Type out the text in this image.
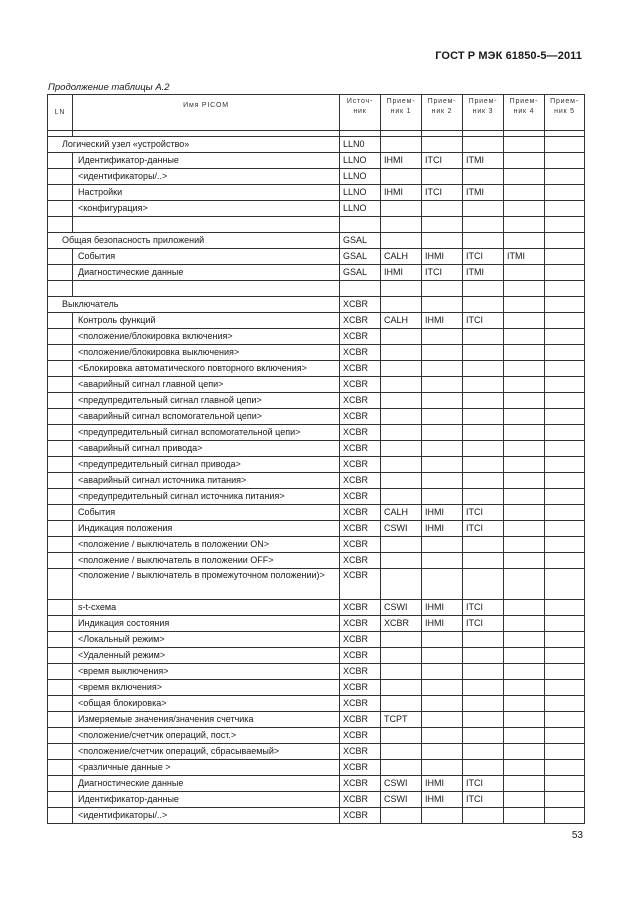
ГОСТ Р МЭК 61850-5—2011
Продолжение таблицы А.2
LN	Имя PICOM	Источ-ник	Прием-ник 1	Прием-ник 2	Прием-ник 3	Прием-ник 4	Прием-ник 5

Логический узел «устройство»		LLN0					
	Идентификатор-данные	LLNO	IHMI	ITCI	ITMI		
	<идентификаторы/..>	LLNO					
	Настройки	LLNO	IHMI	ITCI	ITMI		
	<конфигурация>	LLNO					

Общая безопасность приложений		GSAL					
	События	GSAL	CALH	IHMI	ITCI	ITMI	
	Диагностические данные	GSAL	IHMI	ITCI	ITMI		

Выключатель		XCBR					
	Контроль функций	XCBR	CALH	IHMI	ITCI		
	<положение/блокировка включения>	XCBR					
	<положение/блокировка выключения>	XCBR					
	<Блокировка автоматического повторного включения>	XCBR					
	<аварийный сигнал главной цепи>	XCBR					
	<предупредительный сигнал главной цепи>	XCBR					
	<аварийный сигнал вспомогательной цепи>	XCBR					
	<предупредительный сигнал вспомогательной цепи>	XCBR					
	<аварийный сигнал привода>	XCBR					
	<предупредительный сигнал привода>	XCBR					
	<аварийный сигнал источника питания>	XCBR					
	<предупредительный сигнал источника питания>	XCBR					
	События	XCBR	CALH	IHMI	ITCI		
	Индикация положения	XCBR	CSWI	IHMI	ITCI		
	<положение / выключатель в положении ON>	XCBR					
	<положение / выключатель в положении OFF>	XCBR					
	<положение / выключатель в промежуточном положении)>	XCBR					
	s-t-схема	XCBR	CSWI	IHMI	ITCI		
	Индикация состояния	XCBR	XCBR	IHMI	ITCI		
	<Локальный режим>	XCBR					
	<Удаленный режим>	XCBR					
	<время выключения>	XCBR					
	<время включения>	XCBR					
	<общая блокировка>	XCBR					
	Измеряемые значения/значения счетчика	XCBR	TCPT				
	<положение/счетчик операций, пост.>	XCBR					
	<положение/счетчик операций, сбрасываемый>	XCBR					
	<различные данные >	XCBR					
	Диагностические данные	XCBR	CSWI	IHMI	ITCI		
	Идентификатор-данные	XCBR	CSWI	IHMI	ITCI		
	<идентификаторы/..>	XCBR					
53
